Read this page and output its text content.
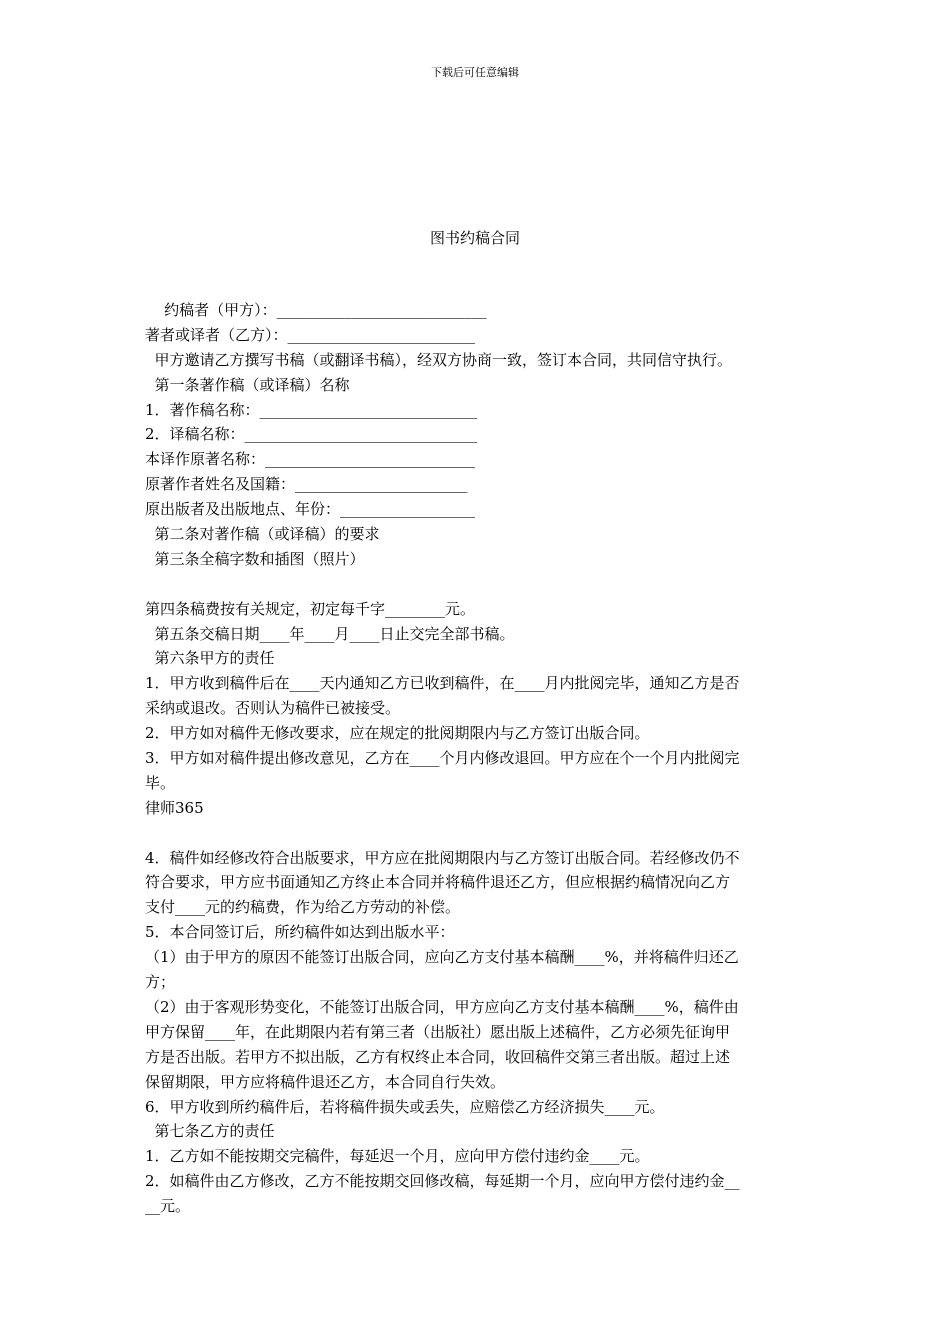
下载后可任意编辑
图书约稿合同
约稿者（甲方）：____________________________
著者或译者（乙方）：_________________________
甲方邀请乙方撰写书稿（或翻译书稿），经双方协商一致，签订本合同，共同信守执行。
第一条著作稿（或译稿）名称
1．著作稿名称：_____________________________
2．译稿名称：_______________________________
本译作原著名称：____________________________
原著作者姓名及国籍：_______________________
原出版者及出版地点、年份：__________________
第二条对著作稿（或译稿）的要求
第三条全稿字数和插图（照片）
第四条稿费按有关规定，初定每千字________元。
第五条交稿日期____年____月____日止交完全部书稿。
第六条甲方的责任
1．甲方收到稿件后在____天内通知乙方已收到稿件，在____月内批阅完毕，通知乙方是否
采纳或退改。否则认为稿件已被接受。
2．甲方如对稿件无修改要求，应在规定的批阅期限内与乙方签订出版合同。
3．甲方如对稿件提出修改意见，乙方在____个月内修改退回。甲方应在个一个月内批阅完
毕。
律师365
4．稿件如经修改符合出版要求，甲方应在批阅期限内与乙方签订出版合同。若经修改仍不
符合要求，甲方应书面通知乙方终止本合同并将稿件退还乙方，但应根据约稿情况向乙方
支付____元的约稿费，作为给乙方劳动的补偿。
5．本合同签订后，所约稿件如达到出版水平：
（1）由于甲方的原因不能签订出版合同，应向乙方支付基本稿酬____%，并将稿件归还乙
方；
（2）由于客观形势变化，不能签订出版合同，甲方应向乙方支付基本稿酬____%，稿件由
甲方保留____年，在此期限内若有第三者（出版社）愿出版上述稿件，乙方必须先征询甲
方是否出版。若甲方不拟出版，乙方有权终止本合同，收回稿件交第三者出版。超过上述
保留期限，甲方应将稿件退还乙方，本合同自行失效。
6．甲方收到所约稿件后，若将稿件损失或丢失，应赔偿乙方经济损失____元。
第七条乙方的责任
1．乙方如不能按期交完稿件，每延迟一个月，应向甲方偿付违约金____元。
2．如稿件由乙方修改，乙方不能按期交回修改稿，每延期一个月，应向甲方偿付违约金__
__元。
